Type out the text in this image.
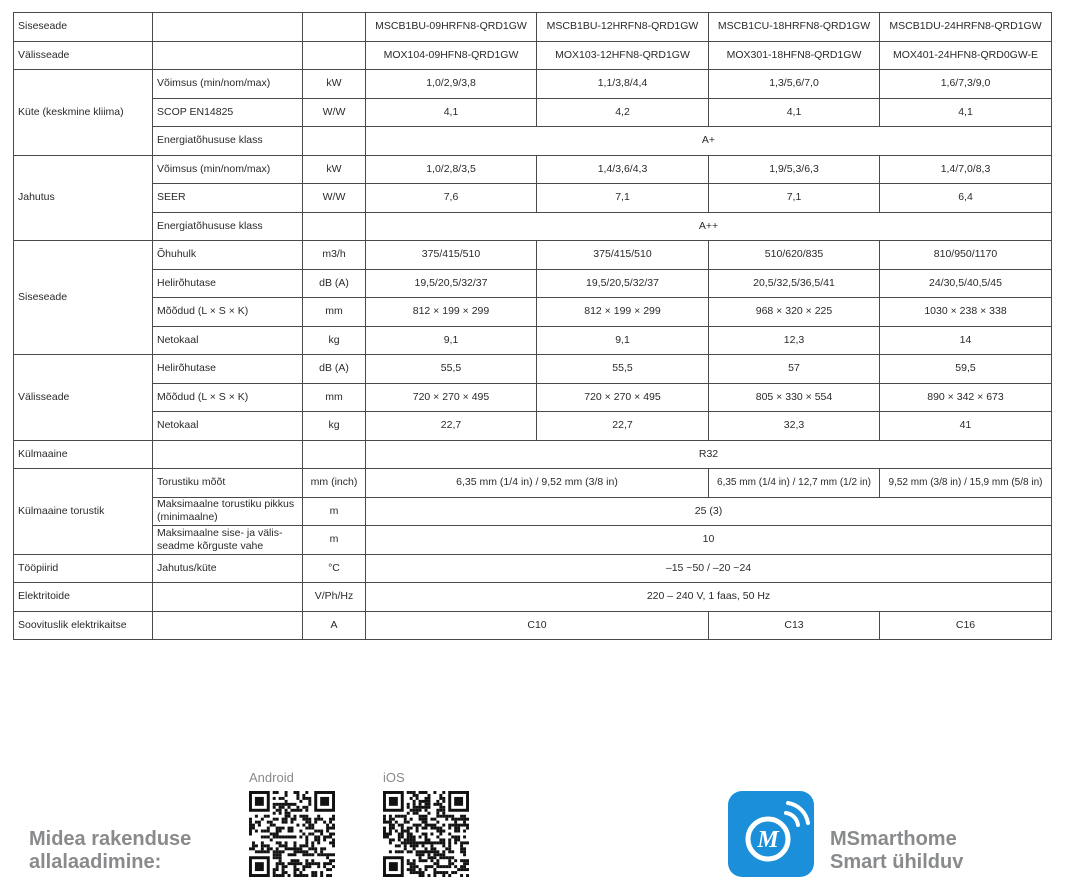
Siseseade			MSCB1BU-09HRFN8-QRD1GW	MSCB1BU-12HRFN8-QRD1GW	MSCB1CU-18HRFN8-QRD1GW	MSCB1DU-24HRFN8-QRD1GW
Välisseade			MOX104-09HFN8-QRD1GW	MOX103-12HFN8-QRD1GW	MOX301-18HFN8-QRD1GW	MOX401-24HFN8-QRD0GW-E
Küte (keskmine kliima)	Võimsus (min/nom/max)	kW	1,0/2,9/3,8	1,1/3,8/4,4	1,3/5,6/7,0	1,6/7,3/9,0
	SCOP EN14825	W/W	4,1	4,2	4,1	4,1
	Energiatõhususe klass		A+			
Jahutus	Võimsus (min/nom/max)	kW	1,0/2,8/3,5	1,4/3,6/4,3	1,9/5,3/6,3	1,4/7,0/8,3
	SEER	W/W	7,6	7,1	7,1	6,4
	Energiatõhususe klass		A++			
Siseseade	Õhuhulk	m3/h	375/415/510	375/415/510	510/620/835	810/950/1170
	Helirõhutase	dB (A)	19,5/20,5/32/37	19,5/20,5/32/37	20,5/32,5/36,5/41	24/30,5/40,5/45
	Mõõdud (L × S × K)	mm	812 × 199 × 299	812 × 199 × 299	968 × 320 × 225	1030 × 238 × 338
	Netokaal	kg	9,1	9,1	12,3	14
Välisseade	Helirõhutase	dB (A)	55,5	55,5	57	59,5
	Mõõdud (L × S × K)	mm	720 × 270 × 495	720 × 270 × 495	805 × 330 × 554	890 × 342 × 673
	Netokaal	kg	22,7	22,7	32,3	41
Külmaaine			R32			
Külmaaine torustik	Torustiku mõõt	mm (inch)	6,35 mm (1/4 in) / 9,52 mm (3/8 in)		6,35 mm (1/4 in) / 12,7 mm (1/2 in)	9,52 mm (3/8 in) / 15,9 mm (5/8 in)
	Maksimaalne torustiku pikkus (minimaalne)	m	25 (3)			
	Maksimaalne sise- ja välis-seadme kõrguste vahe	m	10			
Tööpiirid	Jahutus/küte	°C	–15 ~50 / –20 ~24			
Elektritoide		V/Ph/Hz	220 – 240 V, 1 faas, 50 Hz			
Soovituslik elektrikaitse		A	C10		C13	C16
Midea rakenduse allalaadimine:
Android	iOS
M	MSmarthome
Smart ühilduv
